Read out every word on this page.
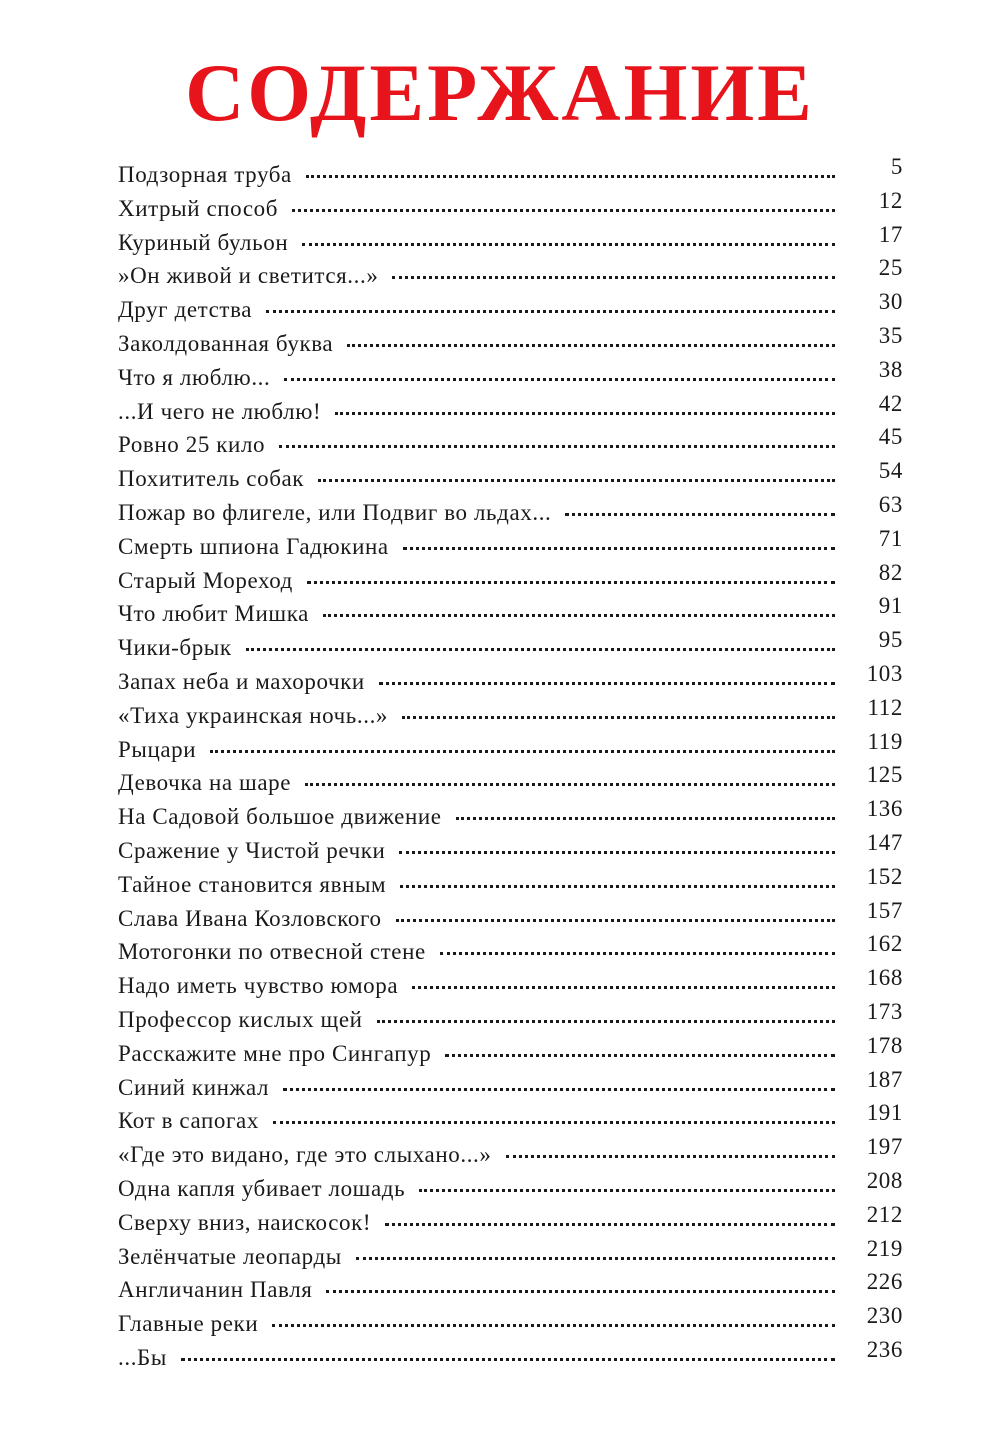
СОДЕРЖАНИЕ
Подзорная труба	5
Хитрый способ	12
Куриный бульон	17
»Он живой и светится...»	25
Друг детства	30
Заколдованная буква	35
Что я люблю...	38
...И чего не люблю!	42
Ровно 25 кило	45
Похититель собак	54
Пожар во флигеле, или Подвиг во льдах...	63
Смерть шпиона Гадюкина	71
Старый Мореход	82
Что любит Мишка	91
Чики-брык	95
Запах неба и махорочки	103
«Тиха украинская ночь...»	112
Рыцари	119
Девочка на шаре	125
На Садовой большое движение	136
Сражение у Чистой речки	147
Тайное становится явным	152
Слава Ивана Козловского	157
Мотогонки по отвесной стене	162
Надо иметь чувство юмора	168
Профессор кислых щей	173
Расскажите мне про Сингапур	178
Синий кинжал	187
Кот в сапогах	191
«Где это видано, где это слыхано...»	197
Одна капля убивает лошадь	208
Сверху вниз, наискосок!	212
Зелёнчатые леопарды	219
Англичанин Павля	226
Главные реки	230
...Бы	236
